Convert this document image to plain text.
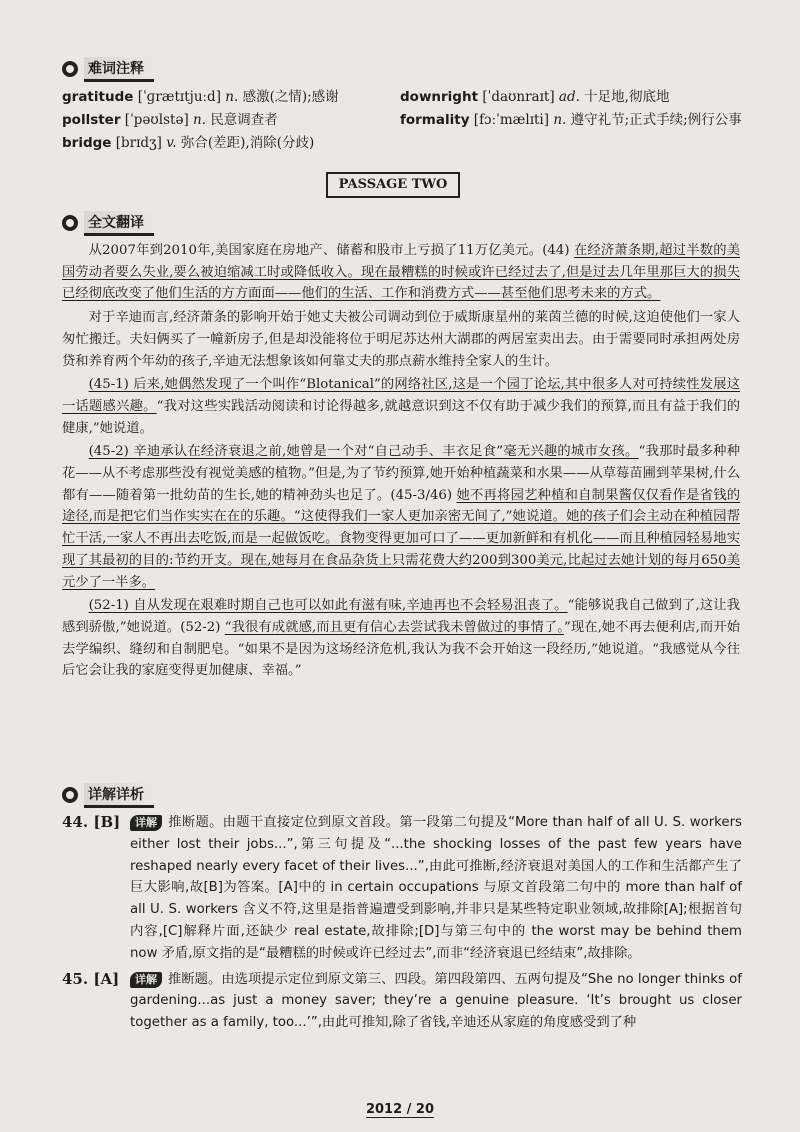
难词注释
gratitude [ˈɡrætɪtjuːd] n. 感激(之情);感谢	downright [ˈdaʊnraɪt] ad. 十足地,彻底地
pollster [ˈpəʊlstə] n. 民意调查者	formality [fɔːˈmælɪti] n. 遵守礼节;正式手续;例行公事
bridge [brɪdʒ] v. 弥合(差距),消除(分歧)
PASSAGE TWO
全文翻译

从2007年到2010年,美国家庭在房地产、储蓄和股市上亏损了11万亿美元。(44) 在经济萧条期,超过半数的美国劳动者要么失业,要么被迫缩减工时或降低收入。现在最糟糕的时候或许已经过去了,但是过去几年里那巨大的损失已经彻底改变了他们生活的方方面面——他们的生活、工作和消费方式——甚至他们思考未来的方式。

对于辛迪而言,经济萧条的影响开始于她丈夫被公司调动到位于威斯康星州的莱茵兰德的时候,这迫使他们一家人匆忙搬迁。夫妇俩买了一幢新房子,但是却没能将位于明尼苏达州大湖郡的两居室卖出去。由于需要同时承担两处房贷和养育两个年幼的孩子,辛迪无法想象该如何靠丈夫的那点薪水维持全家人的生计。

(45-1) 后来,她偶然发现了一个叫作“Blotanical”的网络社区,这是一个园丁论坛,其中很多人对可持续性发展这一话题感兴趣。“我对这些实践活动阅读和讨论得越多,就越意识到这不仅有助于减少我们的预算,而且有益于我们的健康,”她说道。

(45-2) 辛迪承认在经济衰退之前,她曾是一个对“自己动手、丰衣足食”毫无兴趣的城市女孩。“我那时最多种种花——从不考虑那些没有视觉美感的植物。”但是,为了节约预算,她开始种植蔬菜和水果——从草莓苗圃到苹果树,什么都有——随着第一批幼苗的生长,她的精神劲头也足了。(45-3/46) 她不再将园艺种植和自制果酱仅仅看作是省钱的途径,而是把它们当作实实在在的乐趣。“这使得我们一家人更加亲密无间了,”她说道。她的孩子们会主动在种植园帮忙干活,一家人不再出去吃饭,而是一起做饭吃。食物变得更加可口了——更加新鲜和有机化——而且种植园轻易地实现了其最初的目的:节约开支。现在,她每月在食品杂货上只需花费大约200到300美元,比起过去她计划的每月650美元少了一半多。

(52-1) 自从发现在艰难时期自己也可以如此有滋有味,辛迪再也不会轻易沮丧了。“能够说我自己做到了,这让我感到骄傲,”她说道。(52-2) “我很有成就感,而且更有信心去尝试我未曾做过的事情了。”现在,她不再去便利店,而开始去学编织、缝纫和自制肥皂。“如果不是因为这场经济危机,我认为我不会开始这一段经历,”她说道。“我感觉从今往后它会让我的家庭变得更加健康、幸福。”

详解详析
44. [B]	详解 推断题。由题干直接定位到原文首段。第一段第二句提及“More than half of all U. S. workers either lost their jobs...”,第三句提及“...the shocking losses of the past few years have reshaped nearly every facet of their lives...”,由此可推断,经济衰退对美国人的工作和生活都产生了巨大影响,故[B]为答案。[A]中的 in certain occupations 与原文首段第二句中的 more than half of all U. S. workers 含义不符,这里是指普遍遭受到影响,并非只是某些特定职业领域,故排除[A];根据首句内容,[C]解释片面,还缺少 real estate,故排除;[D]与第三句中的 the worst may be behind them now 矛盾,原文指的是“最糟糕的时候或许已经过去”,而非“经济衰退已经结束”,故排除。
45. [A]	详解 推断题。由选项提示定位到原文第三、四段。第四段第四、五两句提及“She no longer thinks of gardening...as just a money saver; they’re a genuine pleasure. ‘It’s brought us closer together as a family, too...’”,由此可推知,除了省钱,辛迪还从家庭的角度感受到了种
2012 / 20
